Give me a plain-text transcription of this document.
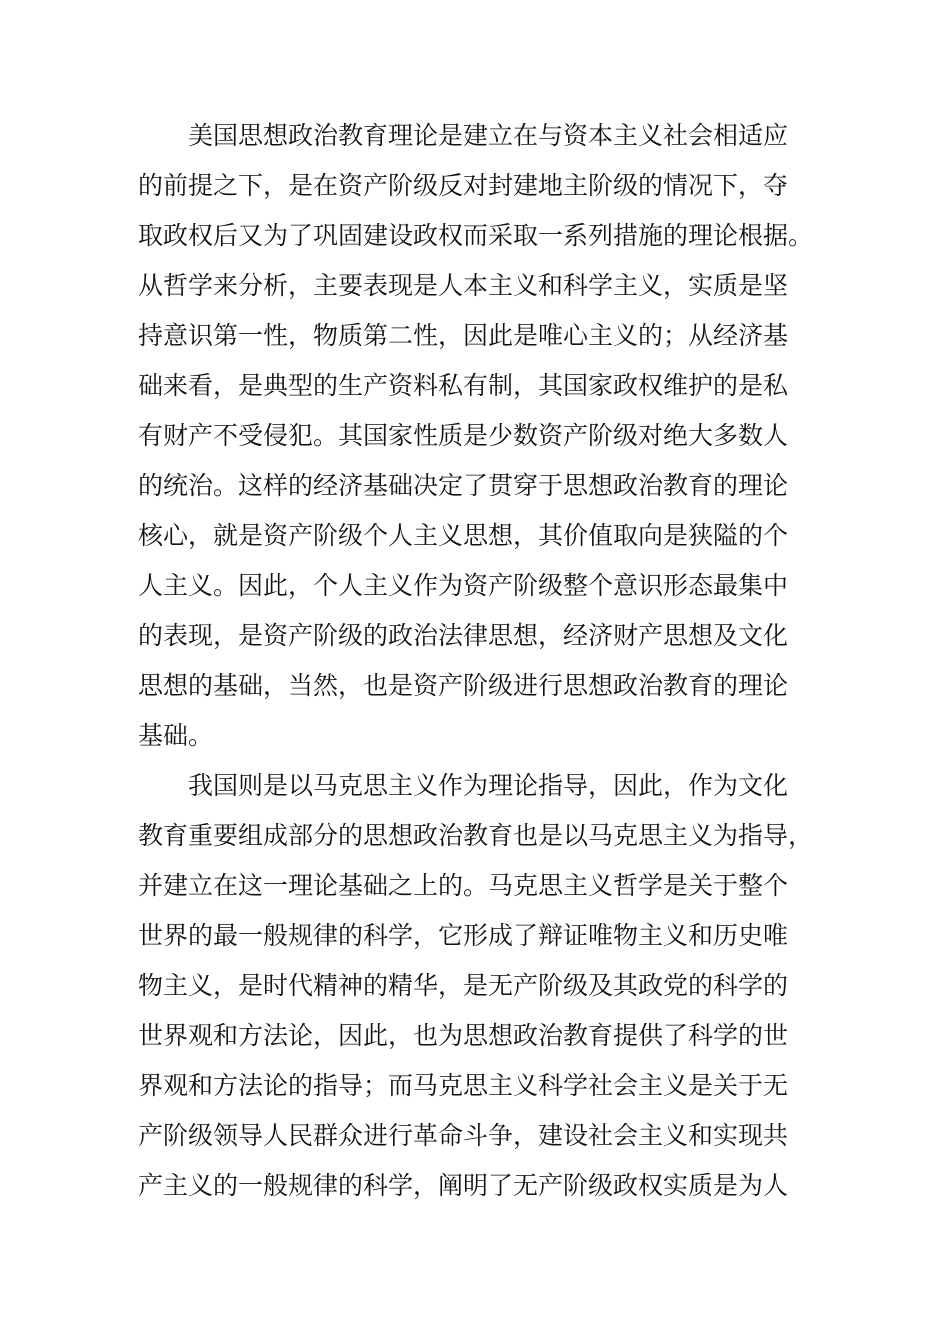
美国思想政治教育理论是建立在与资本主义社会相适应
的前提之下，是在资产阶级反对封建地主阶级的情况下，夺
取政权后又为了巩固建设政权而采取一系列措施的理论根据。
从哲学来分析，主要表现是人本主义和科学主义，实质是坚
持意识第一性，物质第二性，因此是唯心主义的；从经济基
础来看，是典型的生产资料私有制，其国家政权维护的是私
有财产不受侵犯。其国家性质是少数资产阶级对绝大多数人
的统治。这样的经济基础决定了贯穿于思想政治教育的理论
核心，就是资产阶级个人主义思想，其价值取向是狭隘的个
人主义。因此，个人主义作为资产阶级整个意识形态最集中
的表现，是资产阶级的政治法律思想，经济财产思想及文化
思想的基础，当然，也是资产阶级进行思想政治教育的理论
基础。
我国则是以马克思主义作为理论指导，因此，作为文化
教育重要组成部分的思想政治教育也是以马克思主义为指导，
并建立在这一理论基础之上的。马克思主义哲学是关于整个
世界的最一般规律的科学，它形成了辩证唯物主义和历史唯
物主义，是时代精神的精华，是无产阶级及其政党的科学的
世界观和方法论，因此，也为思想政治教育提供了科学的世
界观和方法论的指导；而马克思主义科学社会主义是关于无
产阶级领导人民群众进行革命斗争，建设社会主义和实现共
产主义的一般规律的科学，阐明了无产阶级政权实质是为人
